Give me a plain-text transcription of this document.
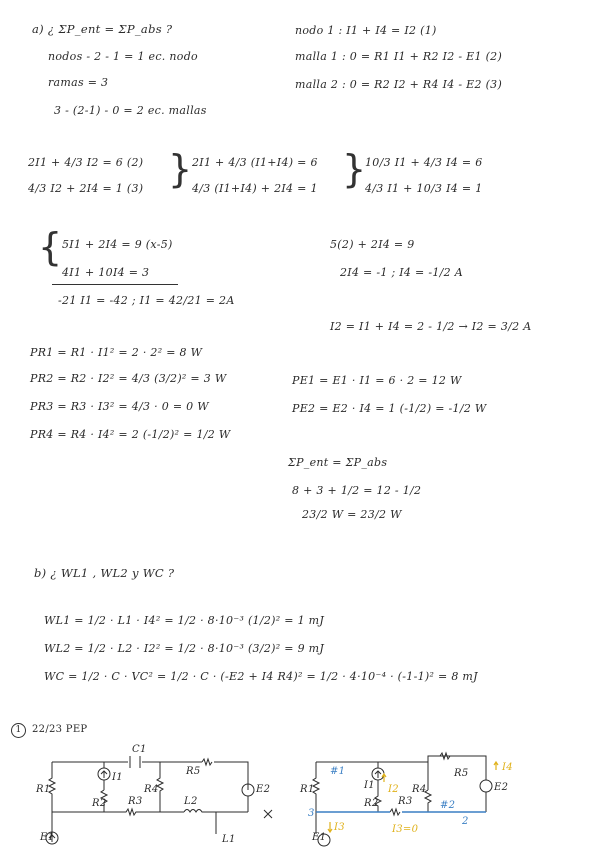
a) ¿ ΣP_ent = ΣP_abs ?
nodos - 2 - 1 = 1 ec. nodo
ramas = 3
3 - (2-1) - 0 = 2 ec. mallas
nodo 1 : I1 + I4 = I2 (1)
malla 1 : 0 = R1 I1 + R2 I2 - E1 (2)
malla 2 : 0 = R2 I2 + R4 I4 - E2 (3)
2I1 + 4/3 I2 = 6 (2)
4/3 I2 + 2I4 = 1 (3) } 2I1 + 4/3 (I1+I4) = 6
4/3 (I1+I4) + 2I4 = 1 }
10/3 I1 + 4/3 I4 = 6
4/3 I1 + 10/3 I4 = 1
{ 5I1 + 2I4 = 9 (x-5)
4I1 + 10I4 = 3
-21 I1 = -42 ; I1 = 42/21 = 2A
5(2) + 2I4 = 9
2I4 = -1 ; I4 = -1/2 A
I2 = I1 + I4 = 2 - 1/2 → I2 = 3/2 A
PR1 = R1 · I1² = 2 · 2² = 8 W
PR2 = R2 · I2² = 4/3 (3/2)² = 3 W
PR3 = R3 · I3² = 4/3 · 0 = 0 W
PR4 = R4 · I4² = 2 (-1/2)² = 1/2 W
PE1 = E1 · I1 = 6 · 2 = 12 W
PE2 = E2 · I4 = 1 (-1/2) = -1/2 W
ΣP_ent = ΣP_abs
8 + 3 + 1/2 = 12 - 1/2
23/2 W = 23/2 W
b) ¿ WL1 , WL2 y WC ?
WL1 = 1/2 · L1 · I4² = 1/2 · 8·10⁻³ (1/2)² = 1 mJ
WL2 = 1/2 · L2 · I2² = 1/2 · 8·10⁻³ (3/2)² = 9 mJ
WC = 1/2 · C · VC² = 1/2 · C · (-E2 + I4 R4)² = 1/2 · 4·10⁻⁴ · (-1-1)² = 8 mJ
1	22/23 PEP
C1
R5
R1
I1
R2 R3
R4
L2
E2
L1
E1
#1
I1 I2
R1
R2 R3
R4
R5
#2
E2
I4
3
I3	I3=0
2
E1
